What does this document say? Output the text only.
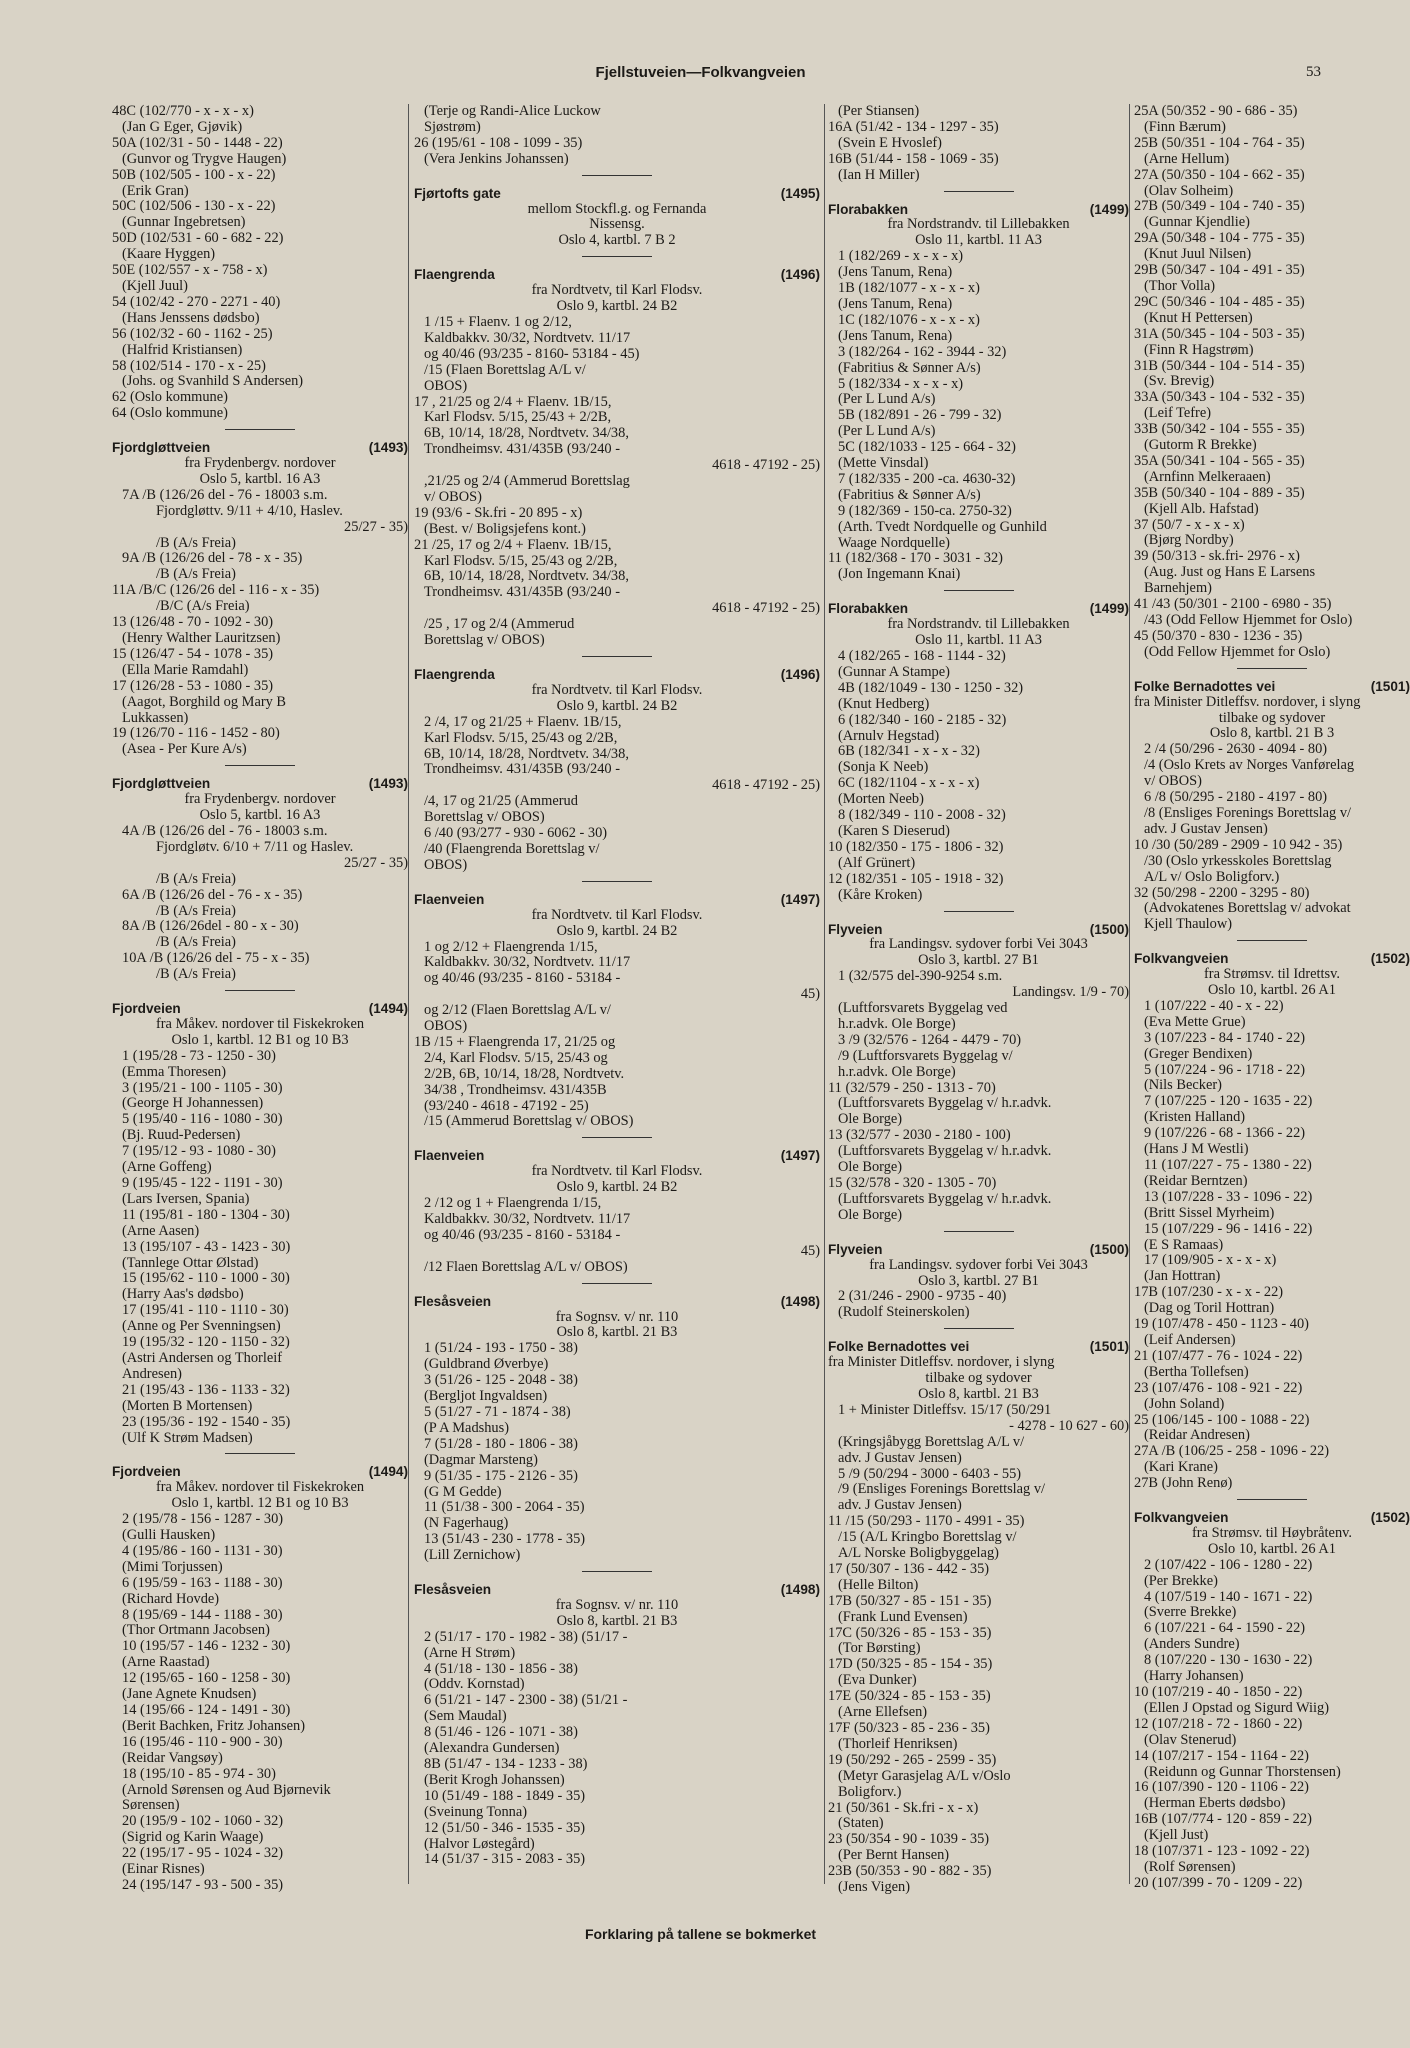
Fjellstuveien—Folkvangveien	53
48C (102/770 - x - x - x)
(Jan G Eger, Gjøvik)
50A (102/31 - 50 - 1448 - 22)
(Gunvor og Trygve Haugen)
50B (102/505 - 100 - x - 22)
(Erik Gran)
50C (102/506 - 130 - x - 22)
(Gunnar Ingebretsen)
50D (102/531 - 60 - 682 - 22)
(Kaare Hyggen)
50E (102/557 - x - 758 - x)
(Kjell Juul)
54 (102/42 - 270 - 2271 - 40)
(Hans Jenssens dødsbo)
56 (102/32 - 60 - 1162 - 25)
(Halfrid Kristiansen)
58 (102/514 - 170 - x - 25)
(Johs. og Svanhild S Andersen)
62 (Oslo kommune)
64 (Oslo kommune)
Fjordgløttveien	(1493)
fra Frydenbergv. nordover
Oslo 5, kartbl. 16 A3
7A /B (126/26 del - 76 - 18003 s.m.
Fjordgløttv. 9/11 + 4/10, Haslev.
25/27 - 35)
/B (A/s Freia)
9A /B (126/26 del - 78 - x - 35)
/B (A/s Freia)
11A /B/C (126/26 del - 116 - x - 35)
/B/C (A/s Freia)
13 (126/48 - 70 - 1092 - 30)
(Henry Walther Lauritzsen)
15 (126/47 - 54 - 1078 - 35)
(Ella Marie Ramdahl)
17 (126/28 - 53 - 1080 - 35)
(Aagot, Borghild og Mary B
Lukkassen)
19 (126/70 - 116 - 1452 - 80)
(Asea - Per Kure A/s)
Fjordgløttveien	(1493)
fra Frydenbergv. nordover
Oslo 5, kartbl. 16 A3
4A /B (126/26 del - 76 - 18003 s.m.
Fjordgløtv. 6/10 + 7/11 og Haslev.
25/27 - 35)
/B (A/s Freia)
6A /B (126/26 del - 76 - x - 35)
/B (A/s Freia)
8A /B (126/26del - 80 - x - 30)
/B (A/s Freia)
10A /B (126/26 del - 75 - x - 35)
/B (A/s Freia)
Fjordveien	(1494)
fra Måkev. nordover til Fiskekroken
Oslo 1, kartbl. 12 B1 og 10 B3
1 (195/28 - 73 - 1250 - 30)
(Emma Thoresen)
3 (195/21 - 100 - 1105 - 30)
(George H Johannessen)
5 (195/40 - 116 - 1080 - 30)
(Bj. Ruud-Pedersen)
7 (195/12 - 93 - 1080 - 30)
(Arne Goffeng)
9 (195/45 - 122 - 1191 - 30)
(Lars Iversen, Spania)
11 (195/81 - 180 - 1304 - 30)
(Arne Aasen)
13 (195/107 - 43 - 1423 - 30)
(Tannlege Ottar Ølstad)
15 (195/62 - 110 - 1000 - 30)
(Harry Aas's dødsbo)
17 (195/41 - 110 - 1110 - 30)
(Anne og Per Svenningsen)
19 (195/32 - 120 - 1150 - 32)
(Astri Andersen og Thorleif
Andresen)
21 (195/43 - 136 - 1133 - 32)
(Morten B Mortensen)
23 (195/36 - 192 - 1540 - 35)
(Ulf K Strøm Madsen)
Fjordveien	(1494)
fra Måkev. nordover til Fiskekroken
Oslo 1, kartbl. 12 B1 og 10 B3
2 (195/78 - 156 - 1287 - 30)
(Gulli Hausken)
4 (195/86 - 160 - 1131 - 30)
(Mimi Torjussen)
6 (195/59 - 163 - 1188 - 30)
(Richard Hovde)
8 (195/69 - 144 - 1188 - 30)
(Thor Ortmann Jacobsen)
10 (195/57 - 146 - 1232 - 30)
(Arne Raastad)
12 (195/65 - 160 - 1258 - 30)
(Jane Agnete Knudsen)
14 (195/66 - 124 - 1491 - 30)
(Berit Bachken, Fritz Johansen)
16 (195/46 - 110 - 900 - 30)
(Reidar Vangsøy)
18 (195/10 - 85 - 974 - 30)
(Arnold Sørensen og Aud Bjørnevik
Sørensen)
20 (195/9 - 102 - 1060 - 32)
(Sigrid og Karin Waage)
22 (195/17 - 95 - 1024 - 32)
(Einar Risnes)
24 (195/147 - 93 - 500 - 35)
(Terje og Randi-Alice Luckow
Sjøstrøm)
26 (195/61 - 108 - 1099 - 35)
(Vera Jenkins Johanssen)
Fjørtofts gate	(1495)
mellom Stockfl.g. og Fernanda
Nissensg.
Oslo 4, kartbl. 7 B 2
Flaengrenda	(1496)
fra Nordtvetv, til Karl Flodsv.
Oslo 9, kartbl. 24 B2
1 /15 + Flaenv. 1 og 2/12,
Kaldbakkv. 30/32, Nordtvetv. 11/17
og 40/46 (93/235 - 8160- 53184 - 45)
/15 (Flaen Borettslag A/L v/
OBOS)
17 , 21/25 og 2/4 + Flaenv. 1B/15,
Karl Flodsv. 5/15, 25/43 + 2/2B,
6B, 10/14, 18/28, Nordtvetv. 34/38,
Trondheimsv. 431/435B (93/240 -
4618 - 47192 - 25)
,21/25 og 2/4 (Ammerud Borettslag
v/ OBOS)
19 (93/6 - Sk.fri - 20 895 - x)
(Best. v/ Boligsjefens kont.)
21 /25, 17 og 2/4 + Flaenv. 1B/15,
Karl Flodsv. 5/15, 25/43 og 2/2B,
6B, 10/14, 18/28, Nordtvetv. 34/38,
Trondheimsv. 431/435B (93/240 -
4618 - 47192 - 25)
/25 , 17 og 2/4 (Ammerud
Borettslag v/ OBOS)
Flaengrenda	(1496)
fra Nordtvetv. til Karl Flodsv.
Oslo 9, kartbl. 24 B2
2 /4, 17 og 21/25 + Flaenv. 1B/15,
Karl Flodsv. 5/15, 25/43 og 2/2B,
6B, 10/14, 18/28, Nordtvetv. 34/38,
Trondheimsv. 431/435B (93/240 -
4618 - 47192 - 25)
/4, 17 og 21/25 (Ammerud
Borettslag v/ OBOS)
6 /40 (93/277 - 930 - 6062 - 30)
/40 (Flaengrenda Borettslag v/
OBOS)
Flaenveien	(1497)
fra Nordtvetv. til Karl Flodsv.
Oslo 9, kartbl. 24 B2
1 og 2/12 + Flaengrenda 1/15,
Kaldbakkv. 30/32, Nordtvetv. 11/17
og 40/46 (93/235 - 8160 - 53184 -
45)
og 2/12 (Flaen Borettslag A/L v/
OBOS)
1B /15 + Flaengrenda 17, 21/25 og
2/4, Karl Flodsv. 5/15, 25/43 og
2/2B, 6B, 10/14, 18/28, Nordtvetv.
34/38 , Trondheimsv. 431/435B
(93/240 - 4618 - 47192 - 25)
/15 (Ammerud Borettslag v/ OBOS)
Flaenveien	(1497)
fra Nordtvetv. til Karl Flodsv.
Oslo 9, kartbl. 24 B2
2 /12 og 1 + Flaengrenda 1/15,
Kaldbakkv. 30/32, Nordtvetv. 11/17
og 40/46 (93/235 - 8160 - 53184 -
45)
/12 Flaen Borettslag A/L v/ OBOS)
Flesåsveien	(1498)
fra Sognsv. v/ nr. 110
Oslo 8, kartbl. 21 B3
1 (51/24 - 193 - 1750 - 38)
(Guldbrand Øverbye)
3 (51/26 - 125 - 2048 - 38)
(Bergljot Ingvaldsen)
5 (51/27 - 71 - 1874 - 38)
(P A Madshus)
7 (51/28 - 180 - 1806 - 38)
(Dagmar Marsteng)
9 (51/35 - 175 - 2126 - 35)
(G M Gedde)
11 (51/38 - 300 - 2064 - 35)
(N Fagerhaug)
13 (51/43 - 230 - 1778 - 35)
(Lill Zernichow)
Flesåsveien	(1498)
fra Sognsv. v/ nr. 110
Oslo 8, kartbl. 21 B3
2 (51/17 - 170 - 1982 - 38) (51/17 -
(Arne H Strøm)
4 (51/18 - 130 - 1856 - 38)
(Oddv. Kornstad)
6 (51/21 - 147 - 2300 - 38) (51/21 -
(Sem Maudal)
8 (51/46 - 126 - 1071 - 38)
(Alexandra Gundersen)
8B (51/47 - 134 - 1233 - 38)
(Berit Krogh Johanssen)
10 (51/49 - 188 - 1849 - 35)
(Sveinung Tonna)
12 (51/50 - 346 - 1535 - 35)
(Halvor Løstegård)
14 (51/37 - 315 - 2083 - 35)
(Per Stiansen)
16A (51/42 - 134 - 1297 - 35)
(Svein E Hvoslef)
16B (51/44 - 158 - 1069 - 35)
(Ian H Miller)
Florabakken	(1499)
fra Nordstrandv. til Lillebakken
Oslo 11, kartbl. 11 A3
1 (182/269 - x - x - x)
(Jens Tanum, Rena)
1B (182/1077 - x - x - x)
(Jens Tanum, Rena)
1C (182/1076 - x - x - x)
(Jens Tanum, Rena)
3 (182/264 - 162 - 3944 - 32)
(Fabritius & Sønner A/s)
5 (182/334 - x - x - x)
(Per L Lund A/s)
5B (182/891 - 26 - 799 - 32)
(Per L Lund A/s)
5C (182/1033 - 125 - 664 - 32)
(Mette Vinsdal)
7 (182/335 - 200 -ca. 4630-32)
(Fabritius & Sønner A/s)
9 (182/369 - 150-ca. 2750-32)
(Arth. Tvedt Nordquelle og Gunhild
Waage Nordquelle)
11 (182/368 - 170 - 3031 - 32)
(Jon Ingemann Knai)
Florabakken	(1499)
fra Nordstrandv. til Lillebakken
Oslo 11, kartbl. 11 A3
4 (182/265 - 168 - 1144 - 32)
(Gunnar A Stampe)
4B (182/1049 - 130 - 1250 - 32)
(Knut Hedberg)
6 (182/340 - 160 - 2185 - 32)
(Arnulv Hegstad)
6B (182/341 - x - x - 32)
(Sonja K Neeb)
6C (182/1104 - x - x - x)
(Morten Neeb)
8 (182/349 - 110 - 2008 - 32)
(Karen S Dieserud)
10 (182/350 - 175 - 1806 - 32)
(Alf Grünert)
12 (182/351 - 105 - 1918 - 32)
(Kåre Kroken)
Flyveien	(1500)
fra Landingsv. sydover forbi Vei 3043
Oslo 3, kartbl. 27 B1
1 (32/575 del-390-9254 s.m.
Landingsv. 1/9 - 70)
(Luftforsvarets Byggelag ved
h.r.advk. Ole Borge)
3 /9 (32/576 - 1264 - 4479 - 70)
/9 (Luftforsvarets Byggelag v/
h.r.advk. Ole Borge)
11 (32/579 - 250 - 1313 - 70)
(Luftforsvarets Byggelag v/ h.r.advk.
Ole Borge)
13 (32/577 - 2030 - 2180 - 100)
(Luftforsvarets Byggelag v/ h.r.advk.
Ole Borge)
15 (32/578 - 320 - 1305 - 70)
(Luftforsvarets Byggelag v/ h.r.advk.
Ole Borge)
Flyveien	(1500)
fra Landingsv. sydover forbi Vei 3043
Oslo 3, kartbl. 27 B1
2 (31/246 - 2900 - 9735 - 40)
(Rudolf Steinerskolen)
Folke Bernadottes vei	(1501)
fra Minister Ditleffsv. nordover, i slyng
tilbake og sydover
Oslo 8, kartbl. 21 B3
1 + Minister Ditleffsv. 15/17 (50/291
- 4278 - 10 627 - 60)
(Kringsjåbygg Borettslag A/L v/
adv. J Gustav Jensen)
5 /9 (50/294 - 3000 - 6403 - 55)
/9 (Ensliges Forenings Borettslag v/
adv. J Gustav Jensen)
11 /15 (50/293 - 1170 - 4991 - 35)
/15 (A/L Kringbo Borettslag v/
A/L Norske Boligbyggelag)
17 (50/307 - 136 - 442 - 35)
(Helle Bilton)
17B (50/327 - 85 - 151 - 35)
(Frank Lund Evensen)
17C (50/326 - 85 - 153 - 35)
(Tor Børsting)
17D (50/325 - 85 - 154 - 35)
(Eva Dunker)
17E (50/324 - 85 - 153 - 35)
(Arne Ellefsen)
17F (50/323 - 85 - 236 - 35)
(Thorleif Henriksen)
19 (50/292 - 265 - 2599 - 35)
(Metyr Garasjelag A/L v/Oslo
Boligforv.)
21 (50/361 - Sk.fri - x - x)
(Staten)
23 (50/354 - 90 - 1039 - 35)
(Per Bernt Hansen)
23B (50/353 - 90 - 882 - 35)
(Jens Vigen)
25A (50/352 - 90 - 686 - 35)
(Finn Bærum)
25B (50/351 - 104 - 764 - 35)
(Arne Hellum)
27A (50/350 - 104 - 662 - 35)
(Olav Solheim)
27B (50/349 - 104 - 740 - 35)
(Gunnar Kjendlie)
29A (50/348 - 104 - 775 - 35)
(Knut Juul Nilsen)
29B (50/347 - 104 - 491 - 35)
(Thor Volla)
29C (50/346 - 104 - 485 - 35)
(Knut H Pettersen)
31A (50/345 - 104 - 503 - 35)
(Finn R Hagstrøm)
31B (50/344 - 104 - 514 - 35)
(Sv. Brevig)
33A (50/343 - 104 - 532 - 35)
(Leif Tefre)
33B (50/342 - 104 - 555 - 35)
(Gutorm R Brekke)
35A (50/341 - 104 - 565 - 35)
(Arnfinn Melkeraaen)
35B (50/340 - 104 - 889 - 35)
(Kjell Alb. Hafstad)
37 (50/7 - x - x - x)
(Bjørg Nordby)
39 (50/313 - sk.fri- 2976 - x)
(Aug. Just og Hans E Larsens
Barnehjem)
41 /43 (50/301 - 2100 - 6980 - 35)
/43 (Odd Fellow Hjemmet for Oslo)
45 (50/370 - 830 - 1236 - 35)
(Odd Fellow Hjemmet for Oslo)
Folke Bernadottes vei	(1501)
fra Minister Ditleffsv. nordover, i slyng
tilbake og sydover
Oslo 8, kartbl. 21 B 3
2 /4 (50/296 - 2630 - 4094 - 80)
/4 (Oslo Krets av Norges Vanførelag
v/ OBOS)
6 /8 (50/295 - 2180 - 4197 - 80)
/8 (Ensliges Forenings Borettslag v/
adv. J Gustav Jensen)
10 /30 (50/289 - 2909 - 10 942 - 35)
/30 (Oslo yrkesskoles Borettslag
A/L v/ Oslo Boligforv.)
32 (50/298 - 2200 - 3295 - 80)
(Advokatenes Borettslag v/ advokat
Kjell Thaulow)
Folkvangveien	(1502)
fra Strømsv. til Idrettsv.
Oslo 10, kartbl. 26 A1
1 (107/222 - 40 - x - 22)
(Eva Mette Grue)
3 (107/223 - 84 - 1740 - 22)
(Greger Bendixen)
5 (107/224 - 96 - 1718 - 22)
(Nils Becker)
7 (107/225 - 120 - 1635 - 22)
(Kristen Halland)
9 (107/226 - 68 - 1366 - 22)
(Hans J M Westli)
11 (107/227 - 75 - 1380 - 22)
(Reidar Berntzen)
13 (107/228 - 33 - 1096 - 22)
(Britt Sissel Myrheim)
15 (107/229 - 96 - 1416 - 22)
(E S Ramaas)
17 (109/905 - x - x - x)
(Jan Hottran)
17B (107/230 - x - x - 22)
(Dag og Toril Hottran)
19 (107/478 - 450 - 1123 - 40)
(Leif Andersen)
21 (107/477 - 76 - 1024 - 22)
(Bertha Tollefsen)
23 (107/476 - 108 - 921 - 22)
(John Soland)
25 (106/145 - 100 - 1088 - 22)
(Reidar Andresen)
27A /B (106/25 - 258 - 1096 - 22)
(Kari Krane)
27B (John Renø)
Folkvangveien	(1502)
fra Strømsv. til Høybråtenv.
Oslo 10, kartbl. 26 A1
2 (107/422 - 106 - 1280 - 22)
(Per Brekke)
4 (107/519 - 140 - 1671 - 22)
(Sverre Brekke)
6 (107/221 - 64 - 1590 - 22)
(Anders Sundre)
8 (107/220 - 130 - 1630 - 22)
(Harry Johansen)
10 (107/219 - 40 - 1850 - 22)
(Ellen J Opstad og Sigurd Wiig)
12 (107/218 - 72 - 1860 - 22)
(Olav Stenerud)
14 (107/217 - 154 - 1164 - 22)
(Reidunn og Gunnar Thorstensen)
16 (107/390 - 120 - 1106 - 22)
(Herman Eberts dødsbo)
16B (107/774 - 120 - 859 - 22)
(Kjell Just)
18 (107/371 - 123 - 1092 - 22)
(Rolf Sørensen)
20 (107/399 - 70 - 1209 - 22)
Forklaring på tallene se bokmerket
